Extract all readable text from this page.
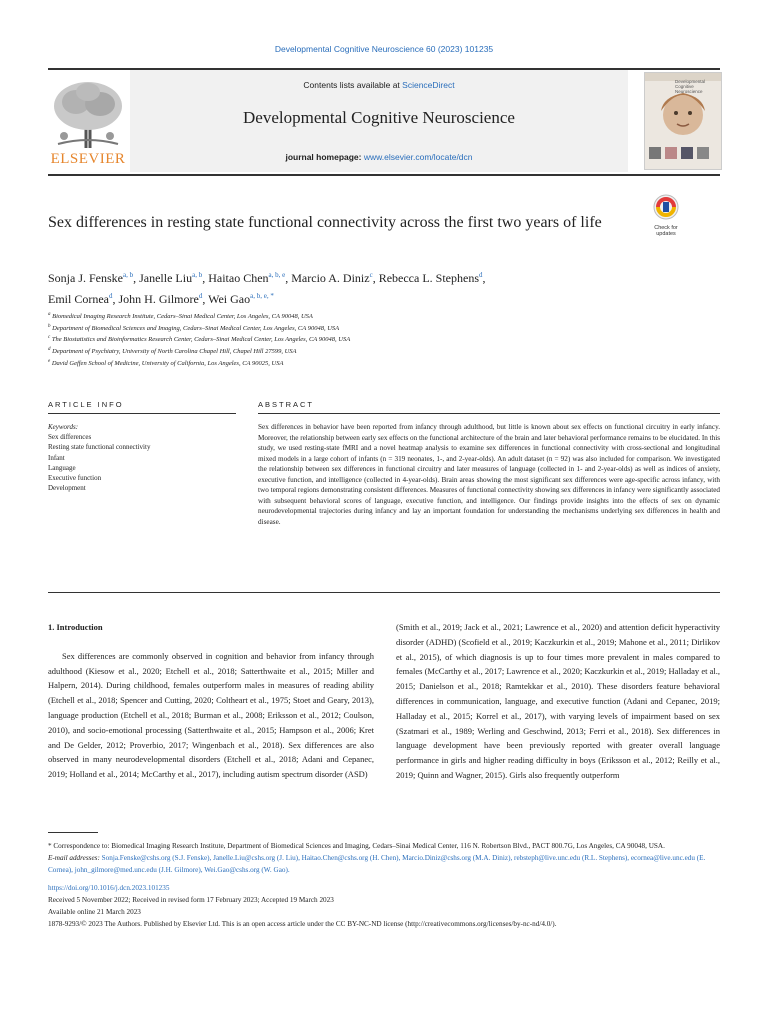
Developmental Cognitive Neuroscience 60 (2023) 101235
ELSEVIER
Contents lists available at ScienceDirect
Developmental Cognitive Neuroscience
journal homepage: www.elsevier.com/locate/dcn
Developmental Cognitive Neuroscience
Sex differences in resting state functional connectivity across the first two years of life	Check for updates
Sonja J. Fenske$^{a, b}$, Janelle Liu$^{a, b}$, Haitao Chen$^{a, b, e}$, Marcio A. Diniz$^c$, Rebecca L. Stephens$^d$,
Emil Cornea$^d$, John H. Gilmore$^d$, Wei Gao$^{a, b, e, *}$
$^a$ Biomedical Imaging Research Institute, Cedars–Sinai Medical Center, Los Angeles, CA 90048, USA
$^b$ Department of Biomedical Sciences and Imaging, Cedars–Sinai Medical Center, Los Angeles, CA 90048, USA
$^c$ The Biostatistics and Bioinformatics Research Center, Cedars–Sinai Medical Center, Los Angeles, CA 90048, USA
$^d$ Department of Psychiatry, University of North Carolina Chapel Hill, Chapel Hill 27599, USA
$^e$ David Geffen School of Medicine, University of California, Los Angeles, CA 90025, USA
ARTICLE INFO	ABSTRACT
Keywords:
Sex differences
Resting state functional connectivity
Infant
Language
Executive function
Development
Sex differences in behavior have been reported from infancy through adulthood, but little is known about sex effects on functional circuitry in early infancy. Moreover, the relationship between early sex effects on the functional architecture of the brain and later behavioral performance remains to be elucidated. In this study, we used resting-state fMRI and a novel heatmap analysis to examine sex differences in functional connectivity with cross-sectional and longitudinal mixed models in a large cohort of infants (n = 319 neonates, 1-, and 2-year-olds). An adult dataset (n = 92) was also included for comparison. We investigated the relationship between sex differences in functional circuitry and later measures of language (collected in 1- and 2-year-olds) as well as indices of anxiety, executive function, and intelligence (collected in 4-year-olds). Brain areas showing the most significant sex differences were age-specific across infancy, with two temporal regions demonstrating consistent differences. Measures of functional connectivity showing sex differences in infancy were significantly associated with subsequent behavioral scores of language, executive function, and intelligence. Our findings provide insights into the effects of sex on dynamic neurodevelopmental trajectories during infancy and lay an important foundation for understanding the mechanisms underlying sex differences in health and disease.
1. Introduction
Sex differences are commonly observed in cognition and behavior from infancy through adulthood (Kiesow et al., 2020; Etchell et al., 2018; Satterthwaite et al., 2015; Miller and Halpern, 2014). During childhood, females outperform males in measures of reading ability (Etchell et al., 2018; Spencer and Cutting, 2020; Coltheart et al., 1975; Stoet and Geary, 2013), language production (Etchell et al., 2018; Burman et al., 2008; Eriksson et al., 2012; Coulson, 2010), and socio-emotional processing (Satterthwaite et al., 2015; Hampson et al., 2006; Kret and De Gelder, 2012; Proverbio, 2017; Wingenbach et al., 2018). Sex differences are also observed in many neurodevelopmental disorders (Etchell et al., 2018; Adani and Cepanec, 2019; Holland et al., 2014; McCarthy et al., 2017), including autism spectrum disorder (ASD)
(Smith et al., 2019; Jack et al., 2021; Lawrence et al., 2020) and attention deficit hyperactivity disorder (ADHD) (Scofield et al., 2019; Kaczkurkin et al., 2019; Mahone et al., 2011; Dirlikov et al., 2015), of which diagnosis is up to four times more prevalent in males compared to females (McCarthy et al., 2017; Lawrence et al., 2020; Kaczkurkin et al., 2019; Halladay et al., 2015; Danielson et al., 2018; Ramtekkar et al., 2010). These disorders feature behavioral differences in communication, language, and executive function (Adani and Cepanec, 2019; Halladay et al., 2015; Korrel et al., 2017), with varying levels of impairment based on sex (Szatmari et al., 1989; Werling and Geschwind, 2013; Ferri et al., 2018). Sex differences in language development have been previously reported with greater overall language performance in girls and higher reading difficulty in boys (Eriksson et al., 2012; Reilly et al., 2019; Quinn and Wagner, 2015). Girls also frequently outperform
* Correspondence to: Biomedical Imaging Research Institute, Department of Biomedical Sciences and Imaging, Cedars–Sinai Medical Center, 116 N. Robertson Blvd., PACT 800.7G, Los Angeles, CA 90048, USA.
E-mail addresses: Sonja.Fenske@cshs.org (S.J. Fenske), Janelle.Liu@cshs.org (J. Liu), Haitao.Chen@cshs.org (H. Chen), Marcio.Diniz@cshs.org (M.A. Diniz), rebsteph@live.unc.edu (R.L. Stephens), ecornea@live.unc.edu (E. Cornea), john_gilmore@med.unc.edu (J.H. Gilmore), Wei.Gao@cshs.org (W. Gao).
https://doi.org/10.1016/j.dcn.2023.101235
Received 5 November 2022; Received in revised form 17 February 2023; Accepted 19 March 2023
Available online 21 March 2023
1878-9293/© 2023 The Authors. Published by Elsevier Ltd. This is an open access article under the CC BY-NC-ND license (http://creativecommons.org/licenses/by-nc-nd/4.0/).
